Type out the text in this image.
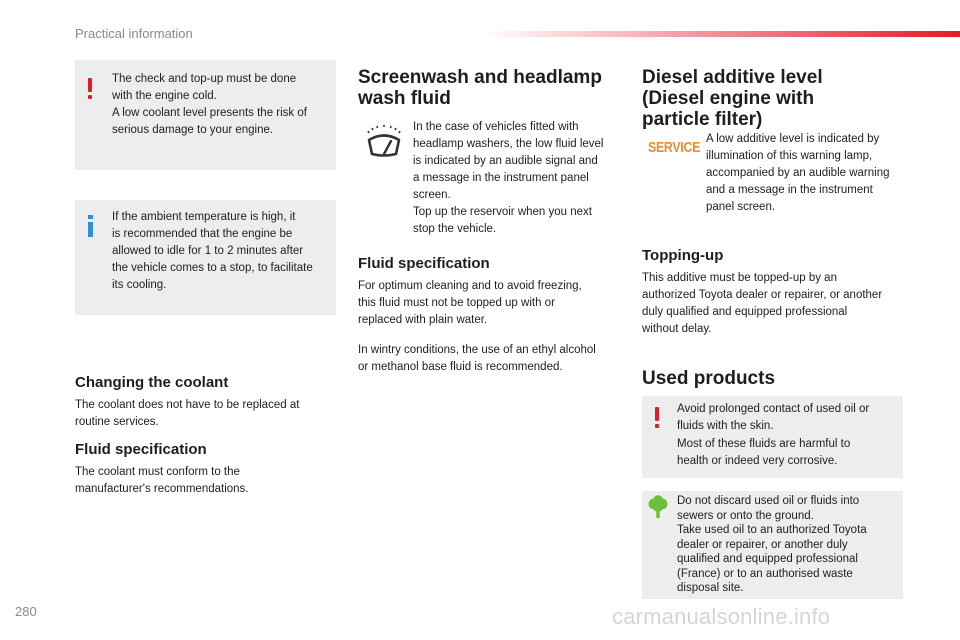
Practical information

The check and top-up must be done

with the engine cold.

A low coolant level presents the risk of

serious damage to your engine.

If the ambient temperature is high, it

is recommended that the engine be

allowed to idle for 1 to 2 minutes after

the vehicle comes to a stop, to facilitate

its cooling.

Changing the coolant

The coolant does not have to be replaced at

routine services.

Fluid specification

The coolant must conform to the

manufacturer's recommendations.

Screenwash and headlamp
wash fluid

In the case of vehicles fitted with

headlamp washers, the low fluid level

is indicated by an audible signal and

a message in the instrument panel

screen.

Top up the reservoir when you next

stop the vehicle.

Fluid specification

For optimum cleaning and to avoid freezing,

this fluid must not be topped up with or

replaced with plain water.

In wintry conditions, the use of an ethyl alcohol

or methanol base fluid is recommended.

Diesel additive level
(Diesel engine with
particle filter)
SERVICE A low additive level is indicated by

illumination of this warning lamp,

accompanied by an audible warning

and a message in the instrument

panel screen.

Topping-up

This additive must be topped-up by an

authorized Toyota dealer or repairer, or another

duly qualified and equipped professional

without delay.

Used products

Avoid prolonged contact of used oil or

fluids with the skin.

Most of these fluids are harmful to

health or indeed very corrosive.

Do not discard used oil or fluids into
sewers or onto the ground.
Take used oil to an authorized Toyota
dealer or repairer, or another duly
qualified and equipped professional
(France) or to an authorised waste
disposal site.
280	carmanualsonline.info
